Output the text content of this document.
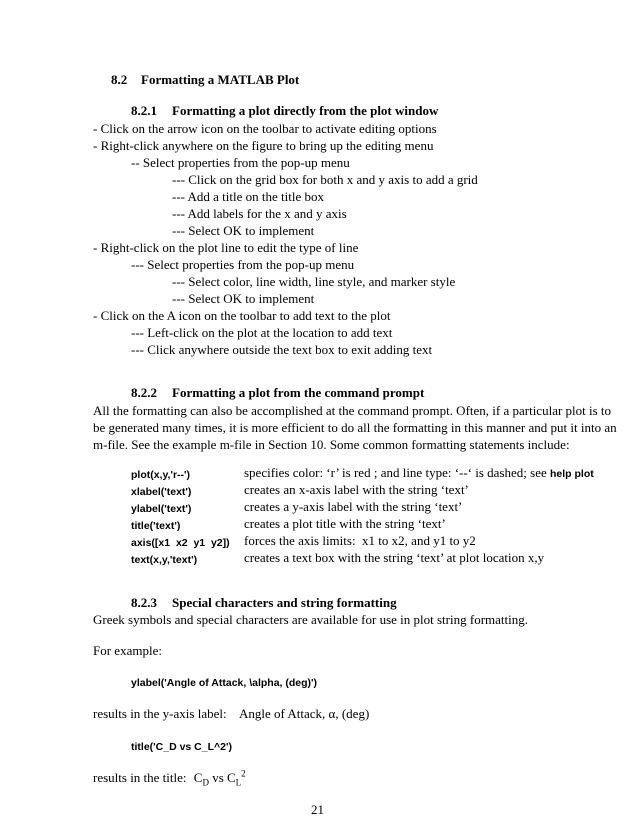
8.2 Formatting a MATLAB Plot
8.2.1 Formatting a plot directly from the plot window
- Click on the arrow icon on the toolbar to activate editing options
- Right-click anywhere on the figure to bring up the editing menu
-- Select properties from the pop-up menu
--- Click on the grid box for both x and y axis to add a grid
--- Add a title on the title box
--- Add labels for the x and y axis
--- Select OK to implement
- Right-click on the plot line to edit the type of line
--- Select properties from the pop-up menu
--- Select color, line width, line style, and marker style
--- Select OK to implement
- Click on the A icon on the toolbar to add text to the plot
--- Left-click on the plot at the location to add text
--- Click anywhere outside the text box to exit adding text
8.2.2 Formatting a plot from the command prompt
All the formatting can also be accomplished at the command prompt. Often, if a particular plot is to
be generated many times, it is more efficient to do all the formatting in this manner and put it into an
m-file. See the example m-file in Section 10. Some common formatting statements include:
plot(x,y,'r--')	specifies color: ‘r’ is red ; and line type: ‘--‘ is dashed; see help plot
xlabel('text')	creates an x-axis label with the string ‘text’
ylabel('text')	creates a y-axis label with the string ‘text’
title('text')	creates a plot title with the string ‘text’
axis([x1  x2  y1  y2]) forces the axis limits:  x1 to x2, and y1 to y2
text(x,y,'text')	creates a text box with the string ‘text’ at plot location x,y
8.2.3 Special characters and string formatting
Greek symbols and special characters are available for use in plot string formatting.
For example:
ylabel('Angle of Attack, \alpha, (deg)')
results in the y-axis label: Angle of Attack, α, (deg)
title('C_D vs C_L^2')
results in the title: $C_D$ vs $C_L^2$
21
